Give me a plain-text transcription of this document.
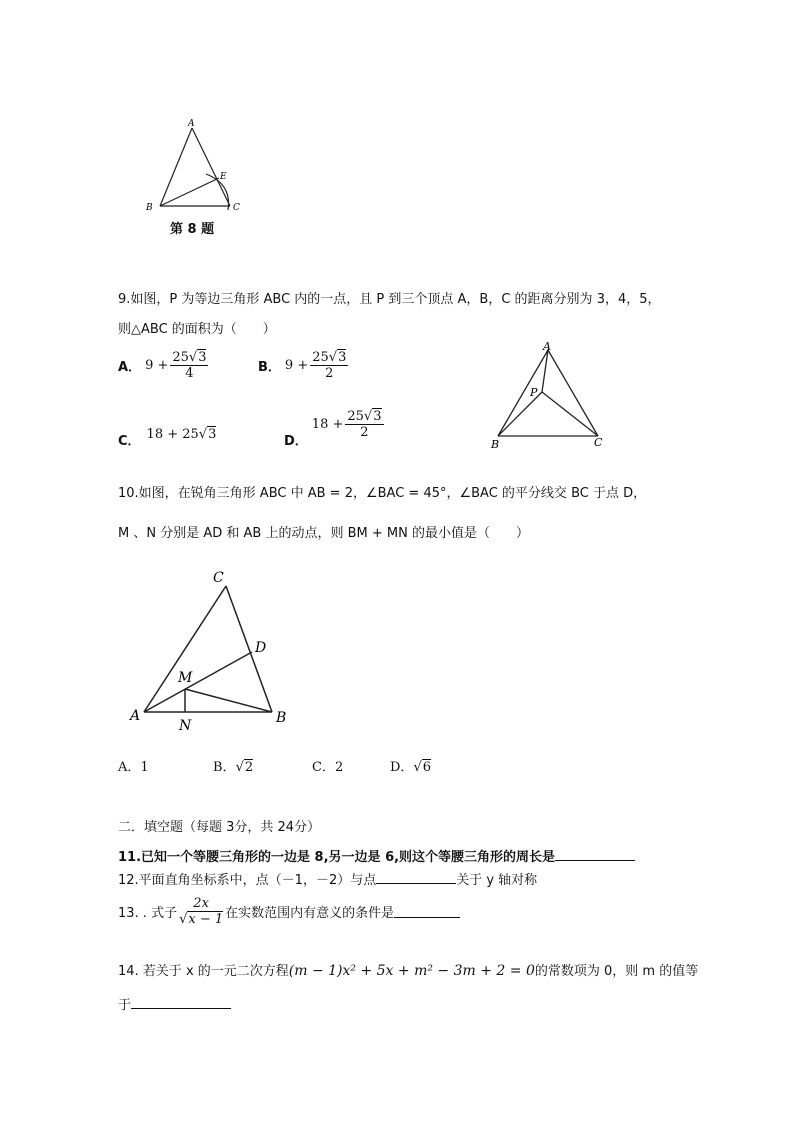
A
B	C
E
第 8 题
9.如图，P 为等边三角形 ABC 内的一点，且 P 到三个顶点 A，B，C 的距离分别为 3，4，5，
则△ABC 的面积为（　　）
A． $9 + \frac{25√3}{4}$	B． $9 + \frac{25√3}{2}$
C． 18 + 25 √3	D．
$18 + \frac{25√3}{2}$
A
B	C
P
10.如图，在锐角三角形 ABC 中 AB = 2，∠BAC = 45°，∠BAC 的平分线交 BC 于点 D，
M 、N 分别是 AD 和 AB 上的动点，则 BM + MN 的最小值是（　　）
C
D
M
A	B
N
A．1	B．√2	C．2	D．√6
二．填空题（每题 3分，共 24分）
11.已知一个等腰三角形的一边是 8,另一边是 6,则这个等腰三角形的周长是
12.平面直角坐标系中，点（－1，－2）与点	关于 y 轴对称
13. . 式子 $\frac{2x}{√x - 1}$ 在实数范围内有意义的条件是
14. 若关于 x 的一元二次方程(m − 1)x² + 5x + m² − 3m + 2 = 0的常数项为 0，则 m 的值等
于
